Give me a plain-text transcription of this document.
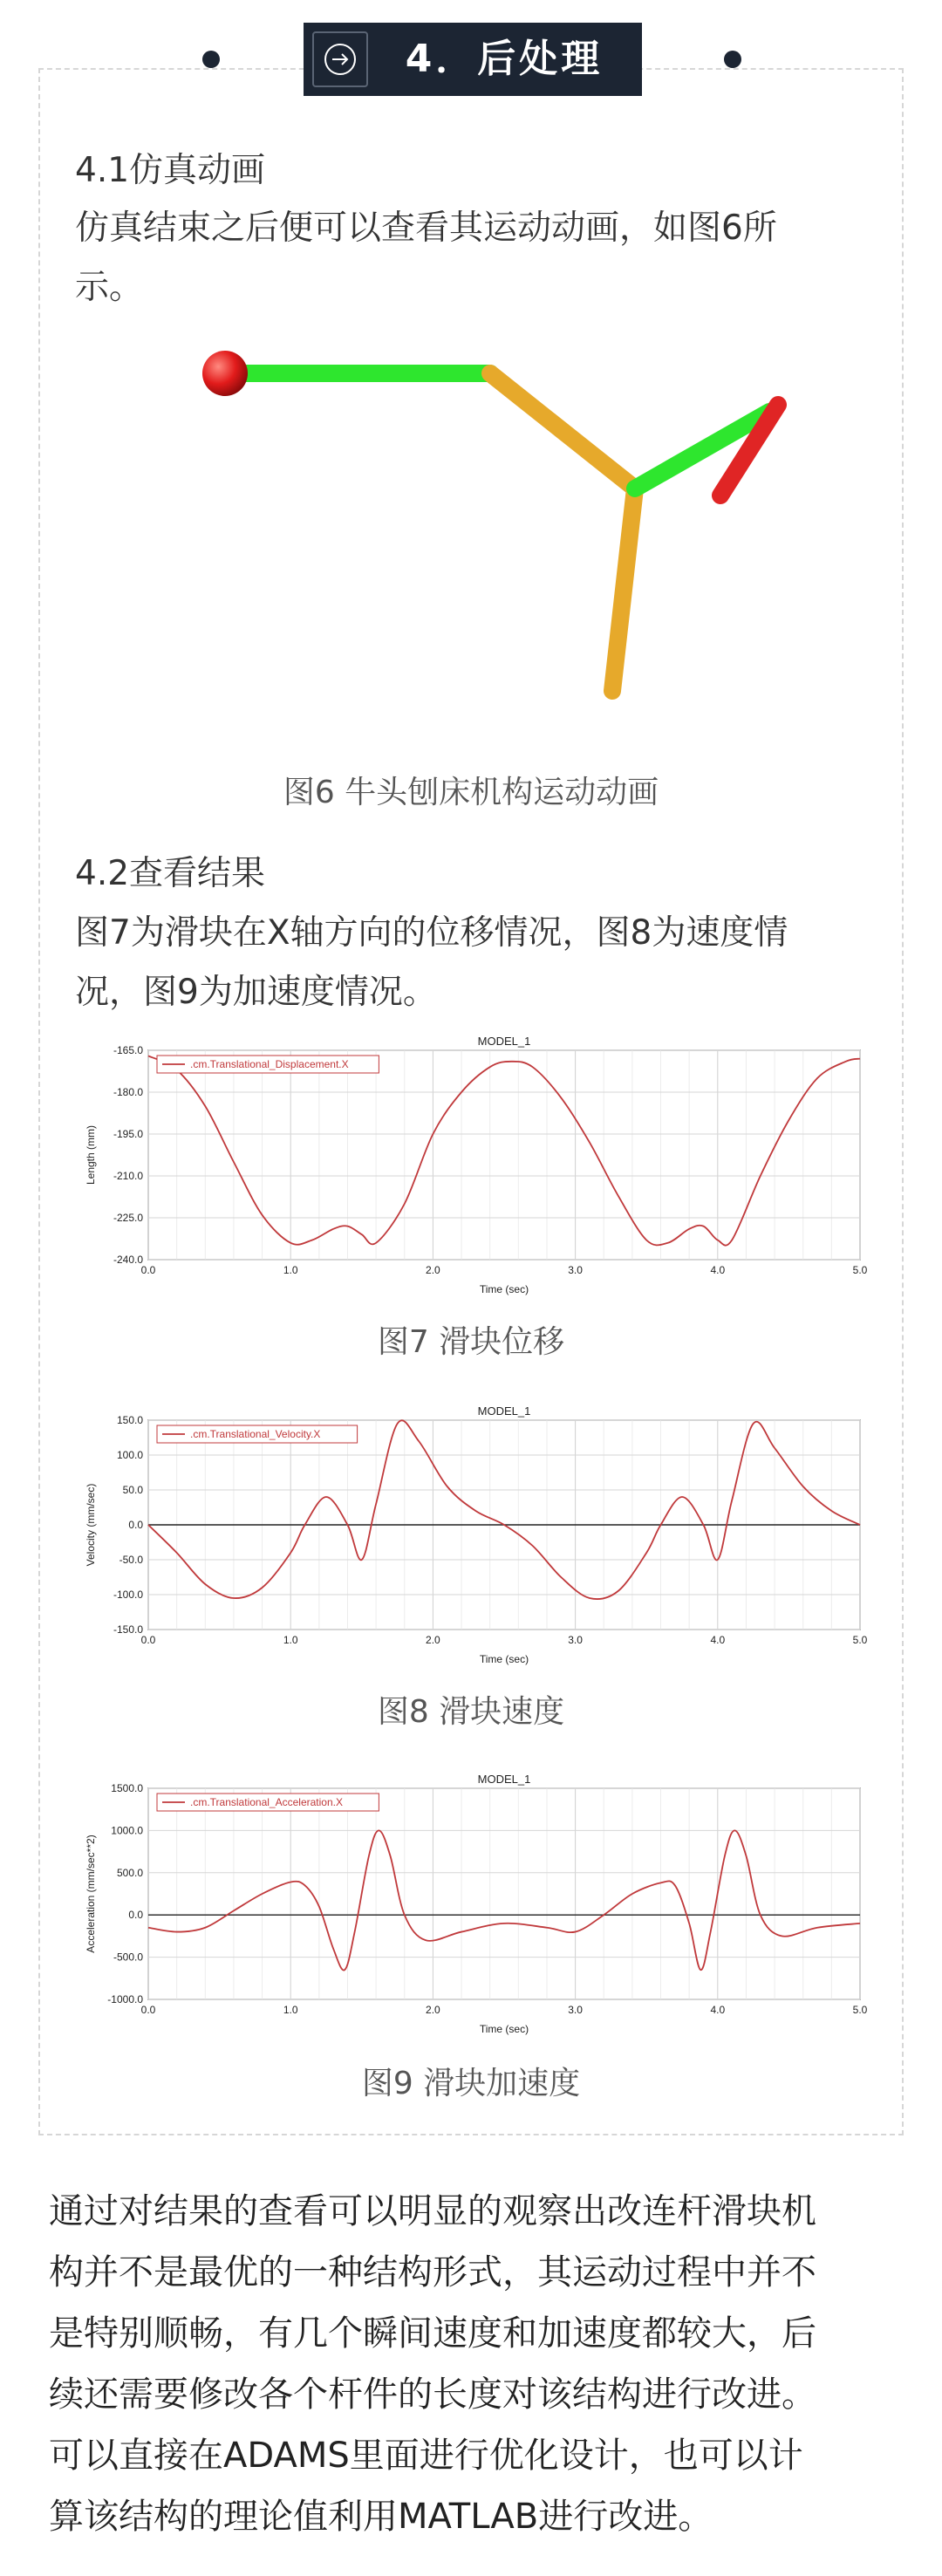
4．后处理
4.1仿真动画
仿真结束之后便可以查看其运动动画，如图6所
示。
图6 牛头刨床机构运动动画
4.2查看结果
图7为滑块在X轴方向的位移情况，图8为速度情
况，图9为加速度情况。
0.0	1.0	2.0	3.0	4.0	5.0
-165.0
-180.0
-195.0
-210.0
-225.0
-240.0
MODEL_1
Time (sec)
Length (mm)
.cm.Translational_Displacement.X
图7 滑块位移
0.0	1.0	2.0	3.0	4.0	5.0
150.0
100.0
50.0
0.0
-50.0
-100.0
-150.0
MODEL_1
Time (sec)
Velocity (mm/sec)
.cm.Translational_Velocity.X
图8 滑块速度
0.0	1.0	2.0	3.0	4.0	5.0
1500.0
1000.0
500.0
0.0
-500.0
-1000.0
MODEL_1
Time (sec)
Acceleration (mm/sec**2)
.cm.Translational_Acceleration.X
图9 滑块加速度
通过对结果的查看可以明显的观察出改连杆滑块机
构并不是最优的一种结构形式，其运动过程中并不
是特别顺畅，有几个瞬间速度和加速度都较大，后
续还需要修改各个杆件的长度对该结构进行改进。
可以直接在ADAMS里面进行优化设计，也可以计
算该结构的理论值利用MATLAB进行改进。
